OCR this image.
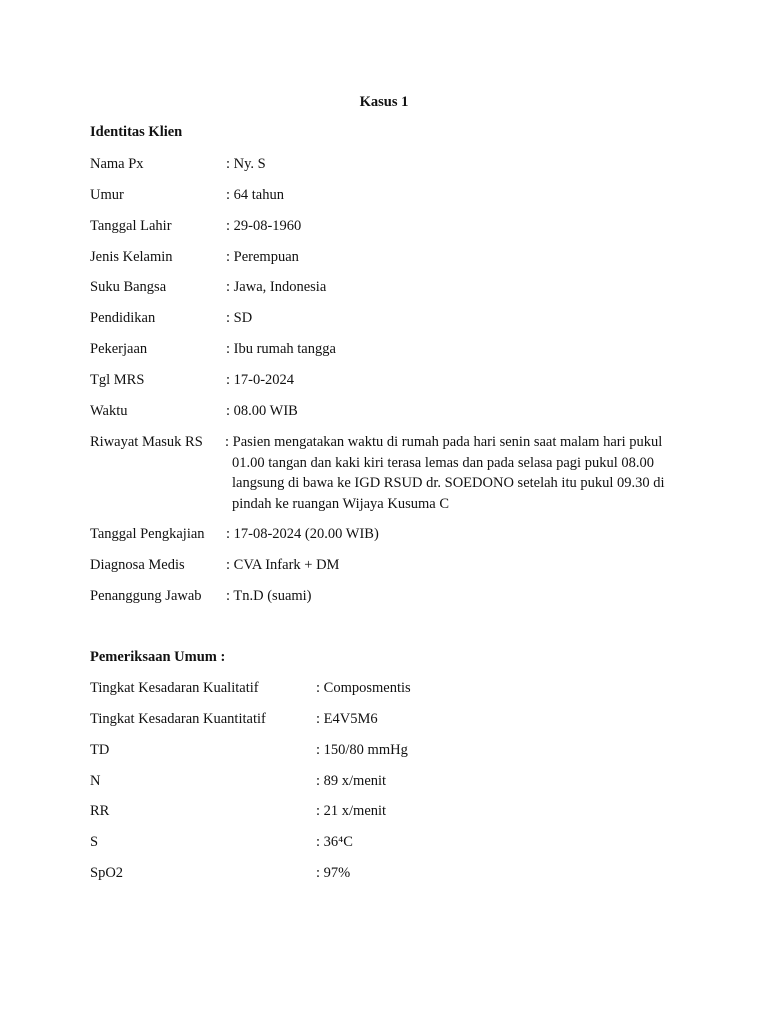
Kasus 1
Identitas Klien
Nama Px	: Ny. S
Umur	: 64 tahun
Tanggal Lahir	: 29-08-1960
Jenis Kelamin	: Perempuan
Suku Bangsa	: Jawa, Indonesia
Pendidikan	: SD
Pekerjaan	: Ibu rumah tangga
Tgl MRS	: 17-0-2024
Waktu	: 08.00 WIB
Riwayat Masuk RS : Pasien mengatakan waktu di rumah pada hari senin saat malam hari pukul
01.00 tangan dan kaki kiri terasa lemas dan pada selasa pagi pukul 08.00
langsung di bawa ke IGD RSUD dr. SOEDONO setelah itu pukul 09.30 di
pindah ke ruangan Wijaya Kusuma C
Tanggal Pengkajian : 17-08-2024 (20.00 WIB)
Diagnosa Medis	: CVA Infark + DM
Penanggung Jawab : Tn.D (suami)
Pemeriksaan Umum :
Tingkat Kesadaran Kualitatif	: Composmentis
Tingkat Kesadaran Kuantitatif	: E4V5M6
TD	: 150/80 mmHg
N	: 89 x/menit
RR	: 21 x/menit
S	: 36⁴C
SpO2	: 97%
